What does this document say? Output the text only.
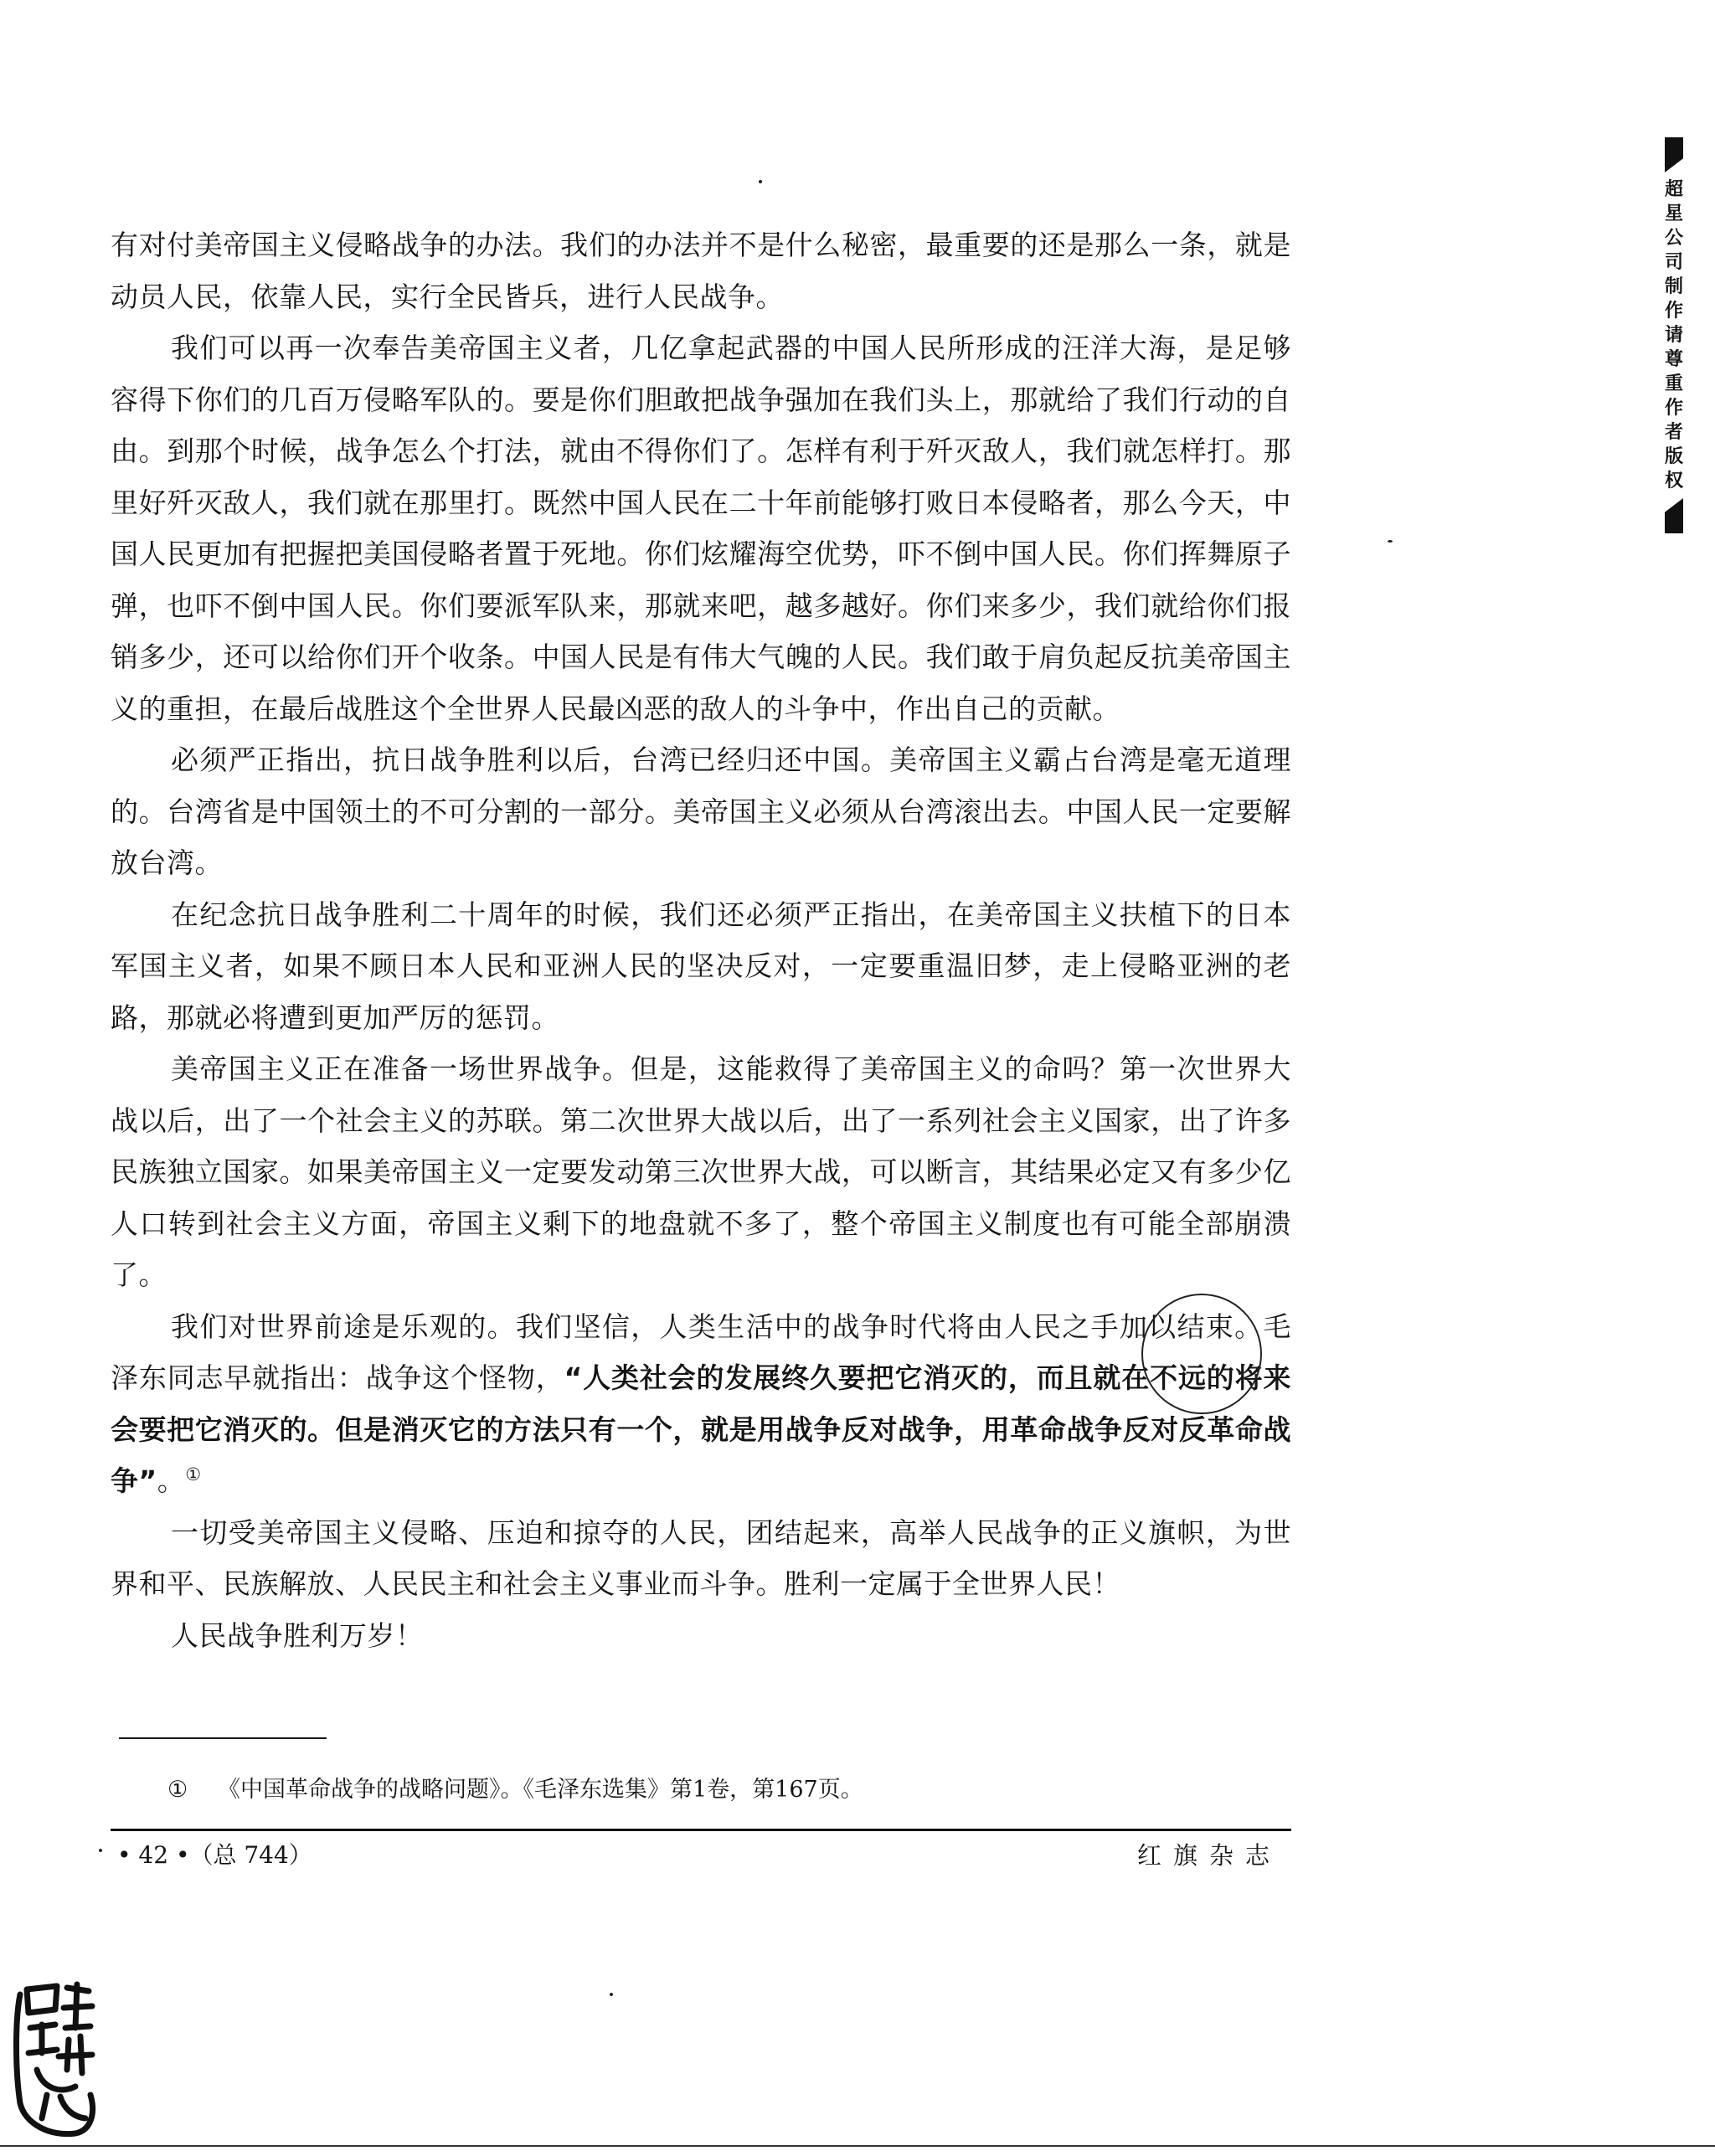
有对付美帝国主义侵略战争的办法。我们的办法并不是什么秘密，最重要的还是那么一条，就是动员人民，依靠人民，实行全民皆兵，进行人民战争。

我们可以再一次奉告美帝国主义者，几亿拿起武器的中国人民所形成的汪洋大海，是足够容得下你们的几百万侵略军队的。要是你们胆敢把战争强加在我们头上，那就给了我们行动的自由。到那个时候，战争怎么个打法，就由不得你们了。怎样有利于歼灭敌人，我们就怎样打。那里好歼灭敌人，我们就在那里打。既然中国人民在二十年前能够打败日本侵略者，那么今天，中国人民更加有把握把美国侵略者置于死地。你们炫耀海空优势，吓不倒中国人民。你们挥舞原子弹，也吓不倒中国人民。你们要派军队来，那就来吧，越多越好。你们来多少，我们就给你们报销多少，还可以给你们开个收条。中国人民是有伟大气魄的人民。我们敢于肩负起反抗美帝国主义的重担，在最后战胜这个全世界人民最凶恶的敌人的斗争中，作出自己的贡献。

必须严正指出，抗日战争胜利以后，台湾已经归还中国。美帝国主义霸占台湾是毫无道理的。台湾省是中国领土的不可分割的一部分。美帝国主义必须从台湾滚出去。中国人民一定要解放台湾。

在纪念抗日战争胜利二十周年的时候，我们还必须严正指出，在美帝国主义扶植下的日本军国主义者，如果不顾日本人民和亚洲人民的坚决反对，一定要重温旧梦，走上侵略亚洲的老路，那就必将遭到更加严厉的惩罚。

美帝国主义正在准备一场世界战争。但是，这能救得了美帝国主义的命吗？第一次世界大战以后，出了一个社会主义的苏联。第二次世界大战以后，出了一系列社会主义国家，出了许多民族独立国家。如果美帝国主义一定要发动第三次世界大战，可以断言，其结果必定又有多少亿人口转到社会主义方面，帝国主义剩下的地盘就不多了，整个帝国主义制度也有可能全部崩溃了。

我们对世界前途是乐观的。我们坚信，人类生活中的战争时代将由人民之手加以结束。毛泽东同志早就指出：战争这个怪物，“人类社会的发展终久要把它消灭的，而且就在不远的将来会要把它消灭的。但是消灭它的方法只有一个，就是用战争反对战争，用革命战争反对反革命战争”。①

一切受美帝国主义侵略、压迫和掠夺的人民，团结起来，高举人民战争的正义旗帜，为世界和平、民族解放、人民民主和社会主义事业而斗争。胜利一定属于全世界人民！

人民战争胜利万岁！

① 《中国革命战争的战略问题》。《毛泽东选集》第1卷，第167页。
• 42 •（总 744）	红旗杂志
超星公司制作请尊重作者版权
